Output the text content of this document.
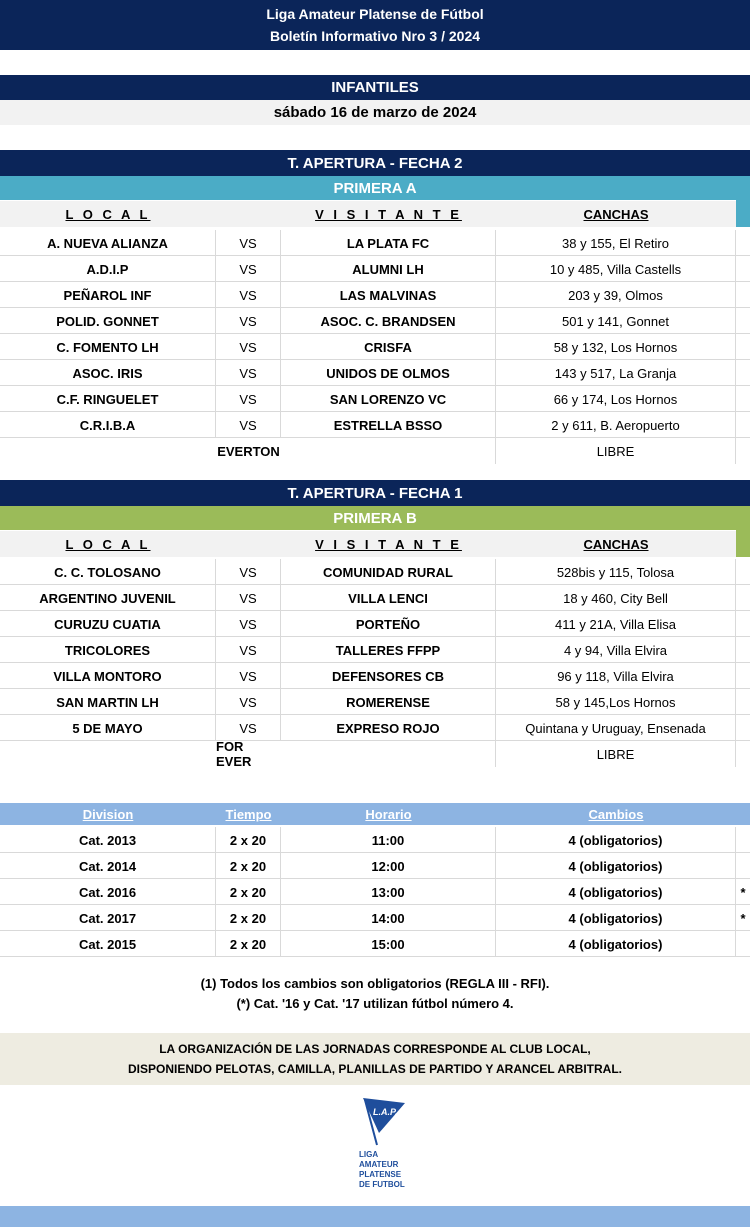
Liga Amateur Platense de Fútbol
Boletín Informativo Nro 3 / 2024
INFANTILES
sábado 16 de marzo de 2024
T. APERTURA - FECHA 2
PRIMERA A
L O C A L	V I S I T A N T E	CANCHAS
A. NUEVA ALIANZA	VS	LA PLATA FC	38 y 155, El Retiro
A.D.I.P	VS	ALUMNI LH	10 y 485, Villa Castells
PEÑAROL INF	VS	LAS MALVINAS	203 y 39, Olmos
POLID. GONNET	VS	ASOC. C. BRANDSEN	501 y 141, Gonnet
C. FOMENTO LH	VS	CRISFA	58 y 132, Los Hornos
ASOC. IRIS	VS	UNIDOS DE OLMOS	143 y 517, La Granja
C.F. RINGUELET	VS	SAN LORENZO VC	66 y 174, Los Hornos
C.R.I.B.A	VS	ESTRELLA BSSO	2 y 611, B. Aeropuerto
EVERTON	LIBRE
T. APERTURA - FECHA 1
PRIMERA B
L O C A L	V I S I T A N T E	CANCHAS
C. C. TOLOSANO	VS	COMUNIDAD RURAL	528bis y 115, Tolosa
ARGENTINO JUVENIL	VS	VILLA LENCI	18 y 460, City Bell
CURUZU CUATIA	VS	PORTEÑO	411 y 21A, Villa Elisa
TRICOLORES	VS	TALLERES FFPP	4 y 94, Villa Elvira
VILLA MONTORO	VS	DEFENSORES CB	96 y 118, Villa Elvira
SAN MARTIN LH	VS	ROMERENSE	58 y 145,Los Hornos
5 DE MAYO	VS	EXPRESO ROJO	Quintana y Uruguay, Ensenada
FOR EVER	LIBRE
Division	Tiempo	Horario	Cambios
Cat. 2013	2 x 20	11:00	4 (obligatorios)
Cat. 2014	2 x 20	12:00	4 (obligatorios)
Cat. 2016	2 x 20	13:00	4 (obligatorios)	*
Cat. 2017	2 x 20	14:00	4 (obligatorios)	*
Cat. 2015	2 x 20	15:00	4 (obligatorios)
(1) Todos los cambios son obligatorios (REGLA III - RFI).
(*) Cat. '16 y Cat. '17 utilizan fútbol número 4.
LA ORGANIZACIÓN DE LAS JORNADAS CORRESPONDE AL CLUB LOCAL,
DISPONIENDO PELOTAS, CAMILLA, PLANILLAS DE PARTIDO Y ARANCEL ARBITRAL.
L.A.P.
LIGA
AMATEUR
PLATENSE
DE FUTBOL
